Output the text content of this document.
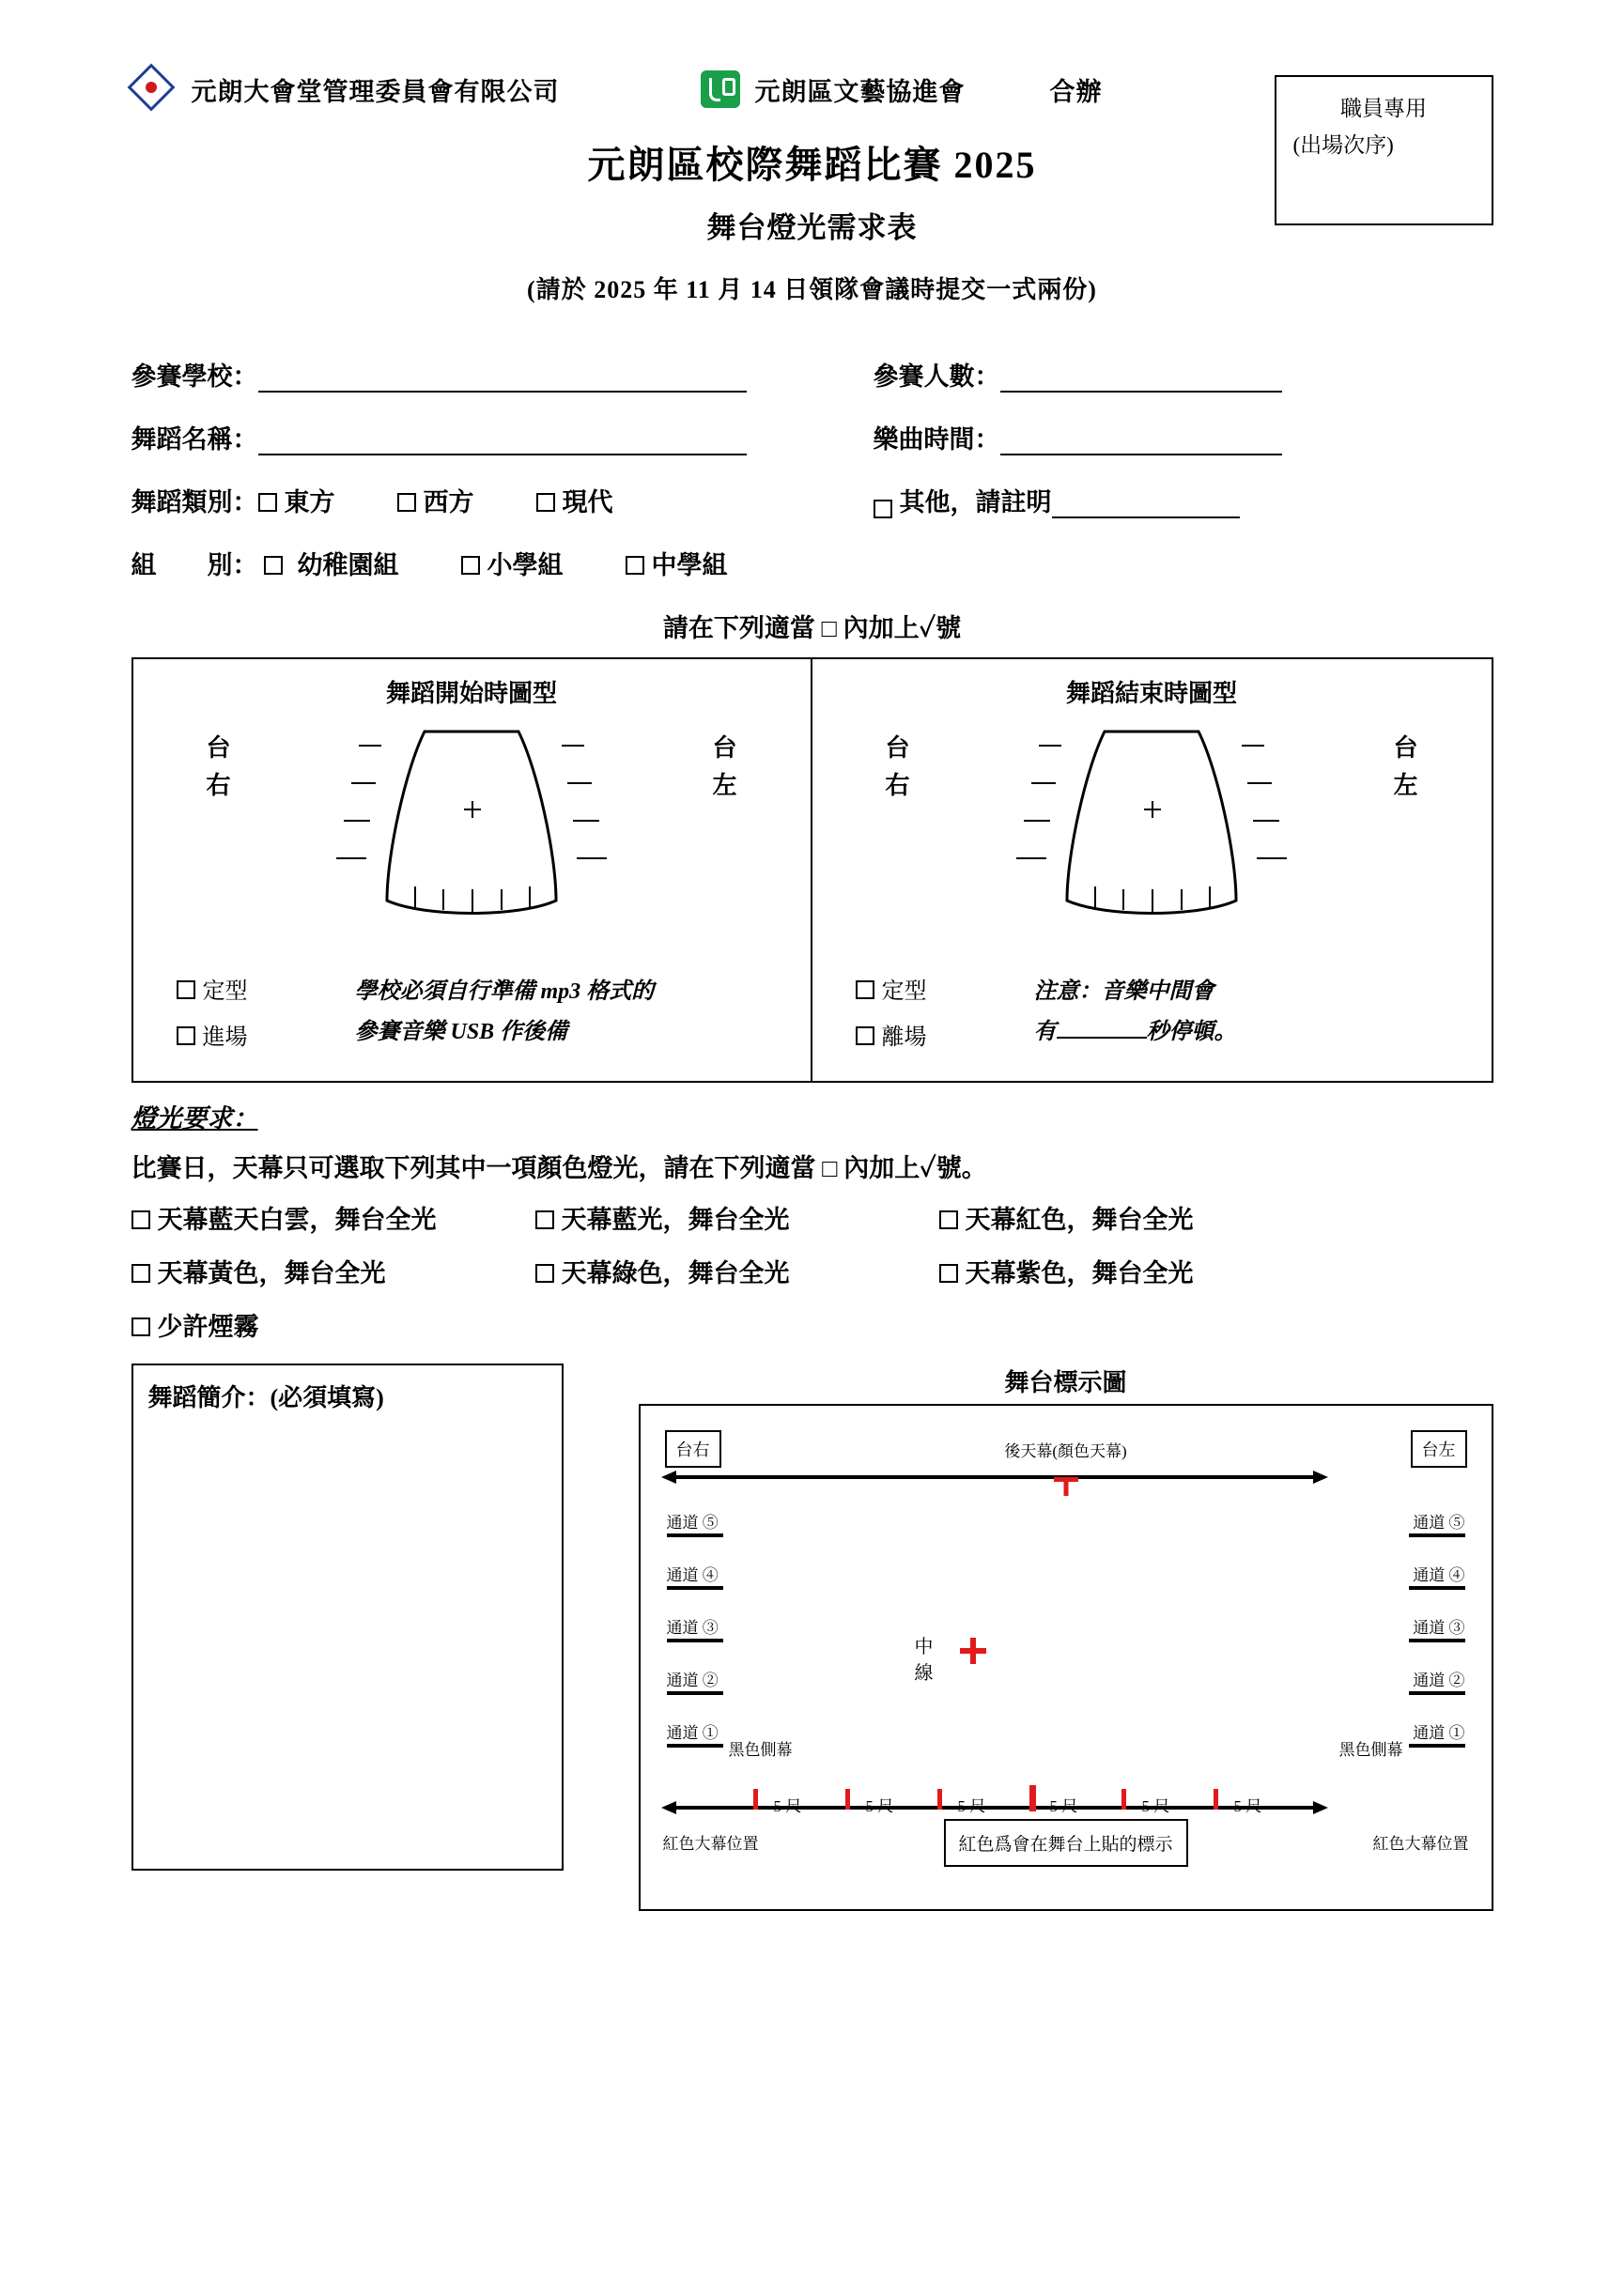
元朗大會堂管理委員會有限公司	元朗區文藝協進會	合辦
職員專用
(出場次序)
元朗區校際舞蹈比賽 2025
舞台燈光需求表
(請於 2025 年 11 月 14 日領隊會議時提交一式兩份)
參賽學校：	參賽人數：
舞蹈名稱：	樂曲時間：
舞蹈類別：	東方	西方	現代	其他，請註明
組　　別：	幼稚園組	小學組	中學組
請在下列適當 □ 內加上✓號
舞蹈開始時圖型
台
右
台
左
定型
進場
學校必須自行準備 mp3 格式的
參賽音樂 USB 作後備
舞蹈結束時圖型
台
右
台
左
定型
離場
注意：音樂中間會
有	秒停頓。
燈光要求：
比賽日，天幕只可選取下列其中一項顏色燈光，請在下列適當 □ 內加上✓號。
天幕藍天白雲，舞台全光	天幕藍光，舞台全光	天幕紅色，舞台全光
天幕黃色，舞台全光	天幕綠色，舞台全光	天幕紫色，舞台全光
少許煙霧
舞蹈簡介：(必須填寫)
舞台標示圖
台右	台左
後天幕(顏色天幕)
通道 ⑤
通道 ④
通道 ③
通道 ②
通道 ①
黑色側幕
通道 ⑤
通道 ④
通道 ③
通道 ②
通道 ①
黑色側幕
中
線
5 尺	5 尺	5 尺	5 尺	5 尺	5 尺
紅色大幕位置	紅色大幕位置
紅色爲會在舞台上貼的標示
